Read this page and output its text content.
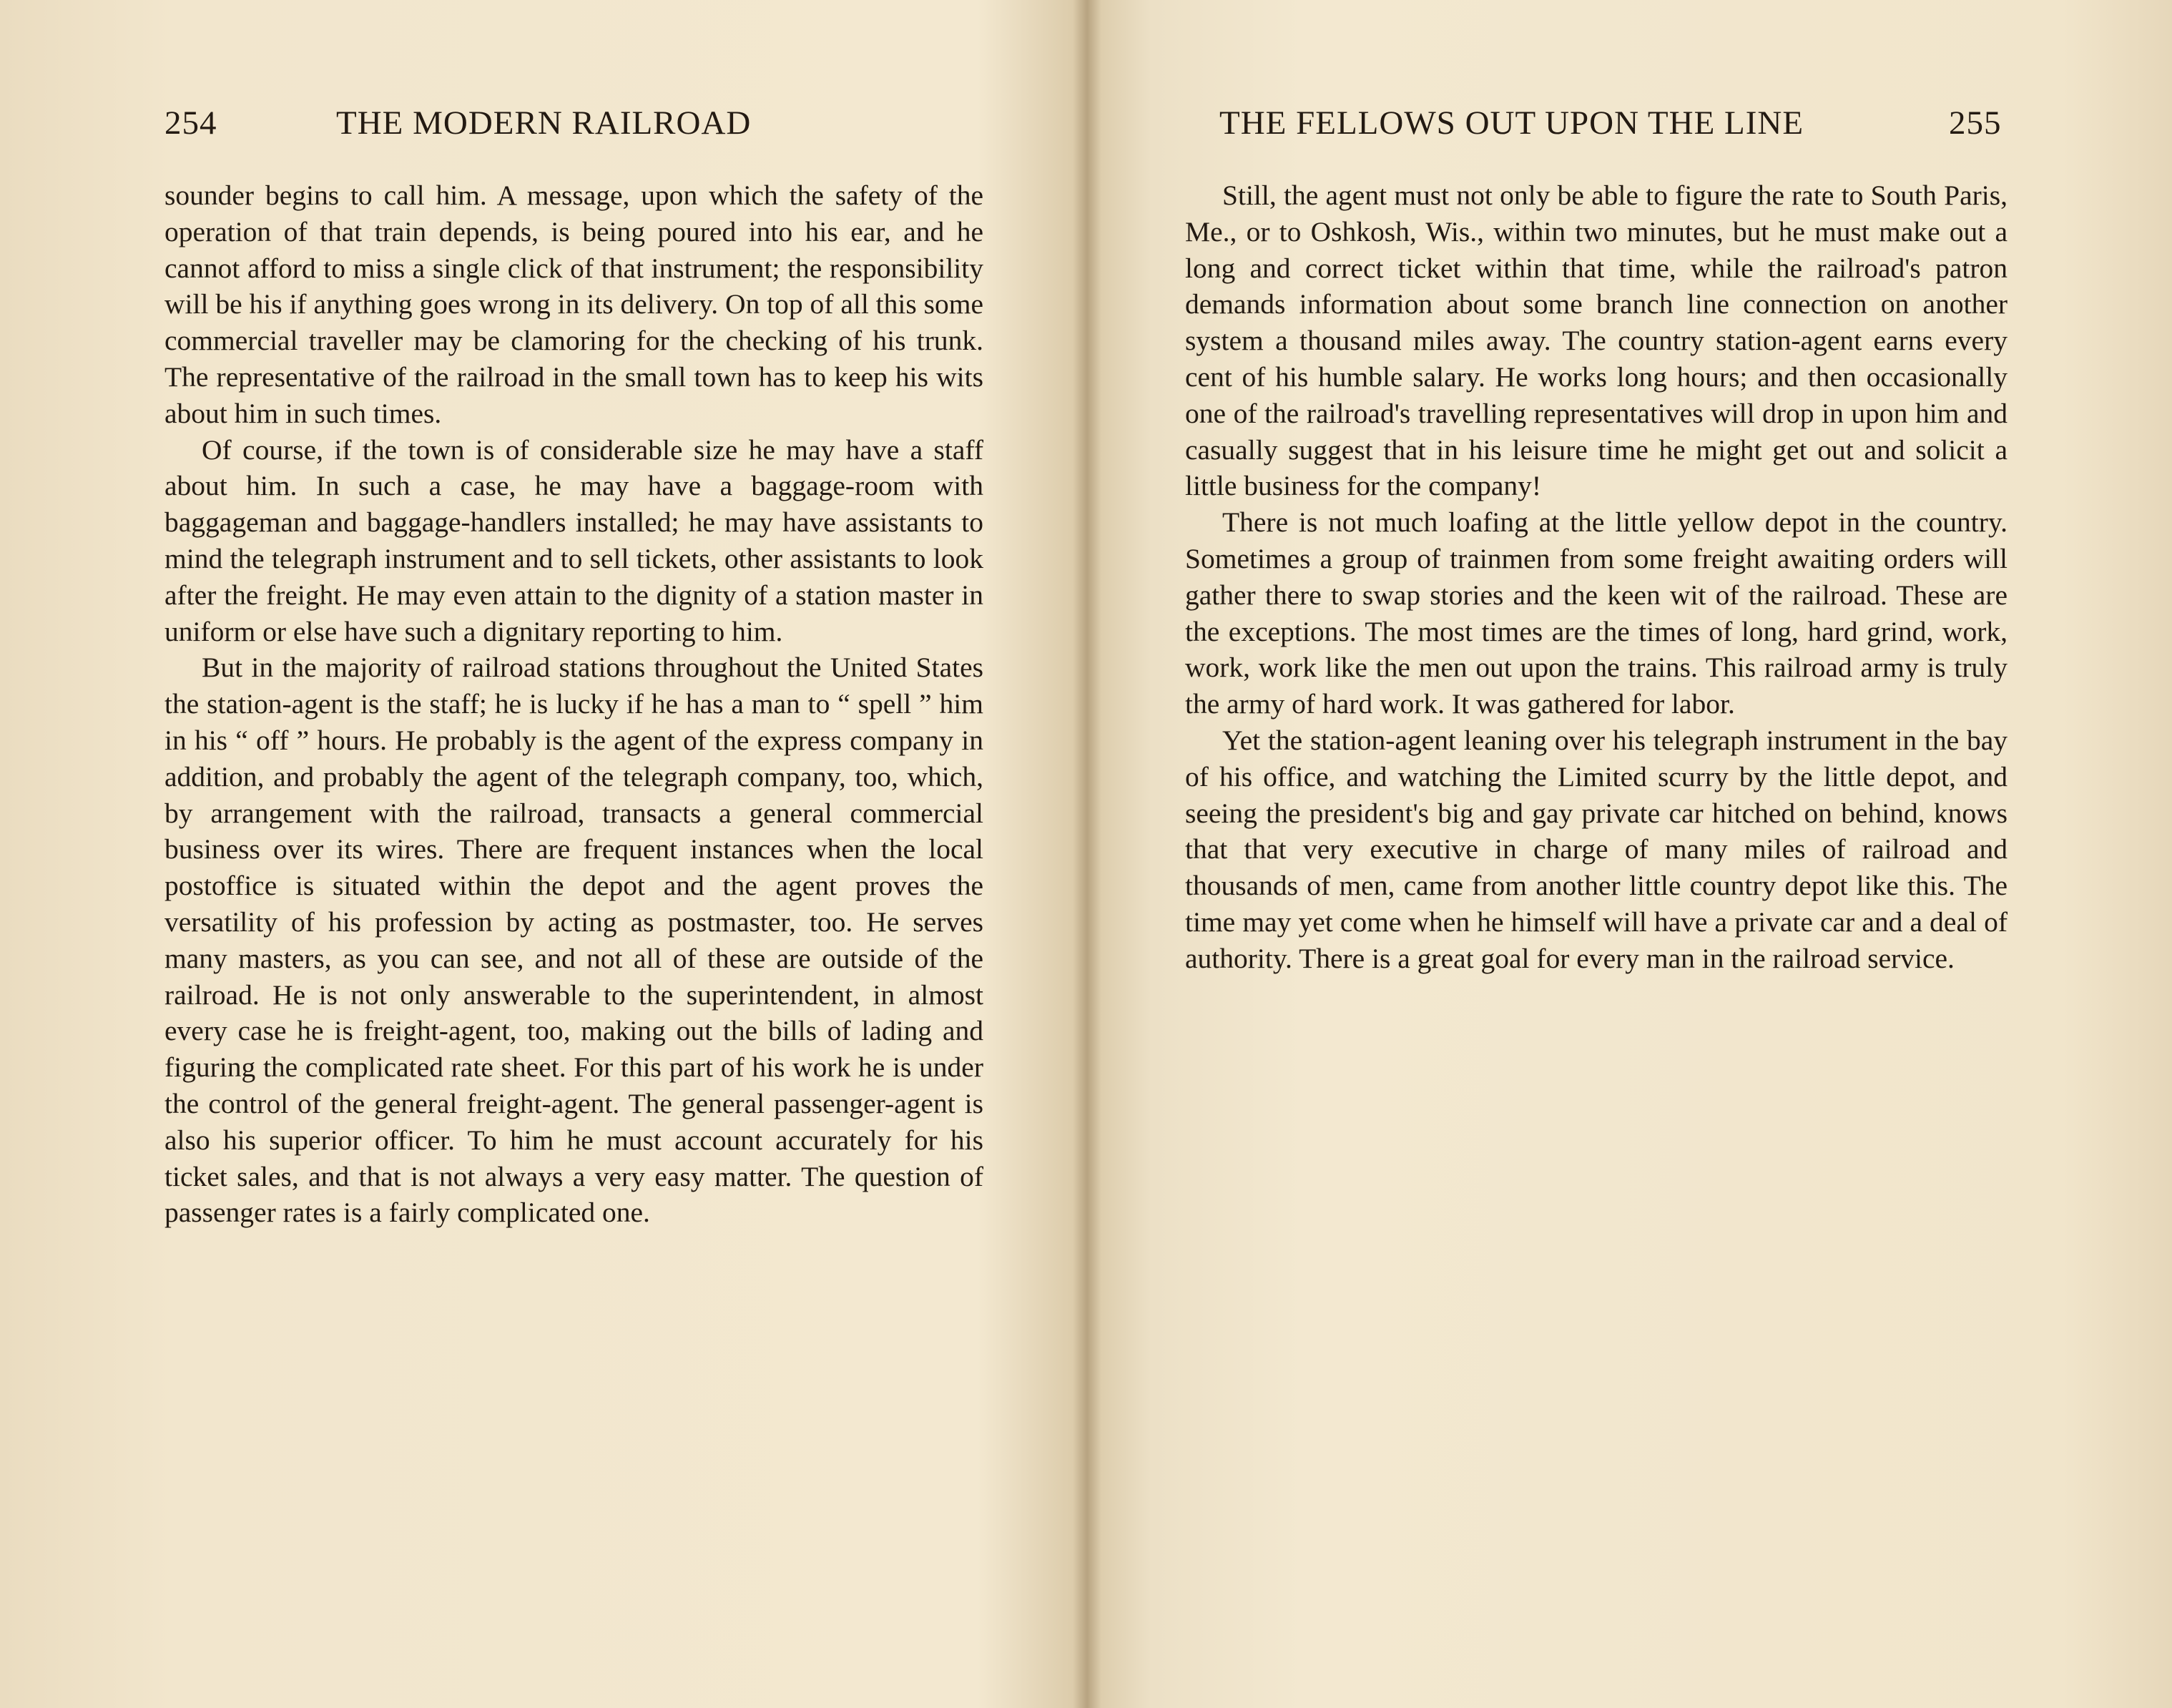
254	THE MODERN RAILROAD

sounder begins to call him. A message, upon which the safety of the operation of that train depends, is being poured into his ear, and he cannot afford to miss a single click of that instrument; the responsibility will be his if anything goes wrong in its delivery. On top of all this some commercial traveller may be clamoring for the checking of his trunk. The representative of the railroad in the small town has to keep his wits about him in such times.

Of course, if the town is of considerable size he may have a staff about him. In such a case, he may have a baggage-room with baggageman and baggage-handlers installed; he may have assistants to mind the telegraph instrument and to sell tickets, other assistants to look after the freight. He may even attain to the dignity of a station master in uniform or else have such a dignitary reporting to him.

But in the majority of railroad stations throughout the United States the station-agent is the staff; he is lucky if he has a man to “ spell ” him in his “ off ” hours. He probably is the agent of the express company in addition, and probably the agent of the telegraph company, too, which, by arrangement with the railroad, transacts a general commercial business over its wires. There are frequent instances when the local postoffice is situated within the depot and the agent proves the versatility of his profession by acting as postmaster, too. He serves many masters, as you can see, and not all of these are outside of the railroad. He is not only answerable to the superintendent, in almost every case he is freight-agent, too, making out the bills of lading and figuring the complicated rate sheet. For this part of his work he is under the control of the general freight-agent. The general passenger-agent is also his superior officer. To him he must account accurately for his ticket sales, and that is not always a very easy matter. The question of passenger rates is a fairly complicated one.

THE FELLOWS OUT UPON THE LINE	255

Still, the agent must not only be able to figure the rate to South Paris, Me., or to Oshkosh, Wis., within two minutes, but he must make out a long and correct ticket within that time, while the railroad's patron demands information about some branch line connection on another system a thousand miles away. The country station-agent earns every cent of his humble salary. He works long hours; and then occasionally one of the railroad's travelling representatives will drop in upon him and casually suggest that in his leisure time he might get out and solicit a little business for the company!

There is not much loafing at the little yellow depot in the country. Sometimes a group of trainmen from some freight awaiting orders will gather there to swap stories and the keen wit of the railroad. These are the exceptions. The most times are the times of long, hard grind, work, work, work like the men out upon the trains. This railroad army is truly the army of hard work. It was gathered for labor.

Yet the station-agent leaning over his telegraph instrument in the bay of his office, and watching the Limited scurry by the little depot, and seeing the president's big and gay private car hitched on behind, knows that that very executive in charge of many miles of railroad and thousands of men, came from another little country depot like this. The time may yet come when he himself will have a private car and a deal of authority. There is a great goal for every man in the railroad service.
